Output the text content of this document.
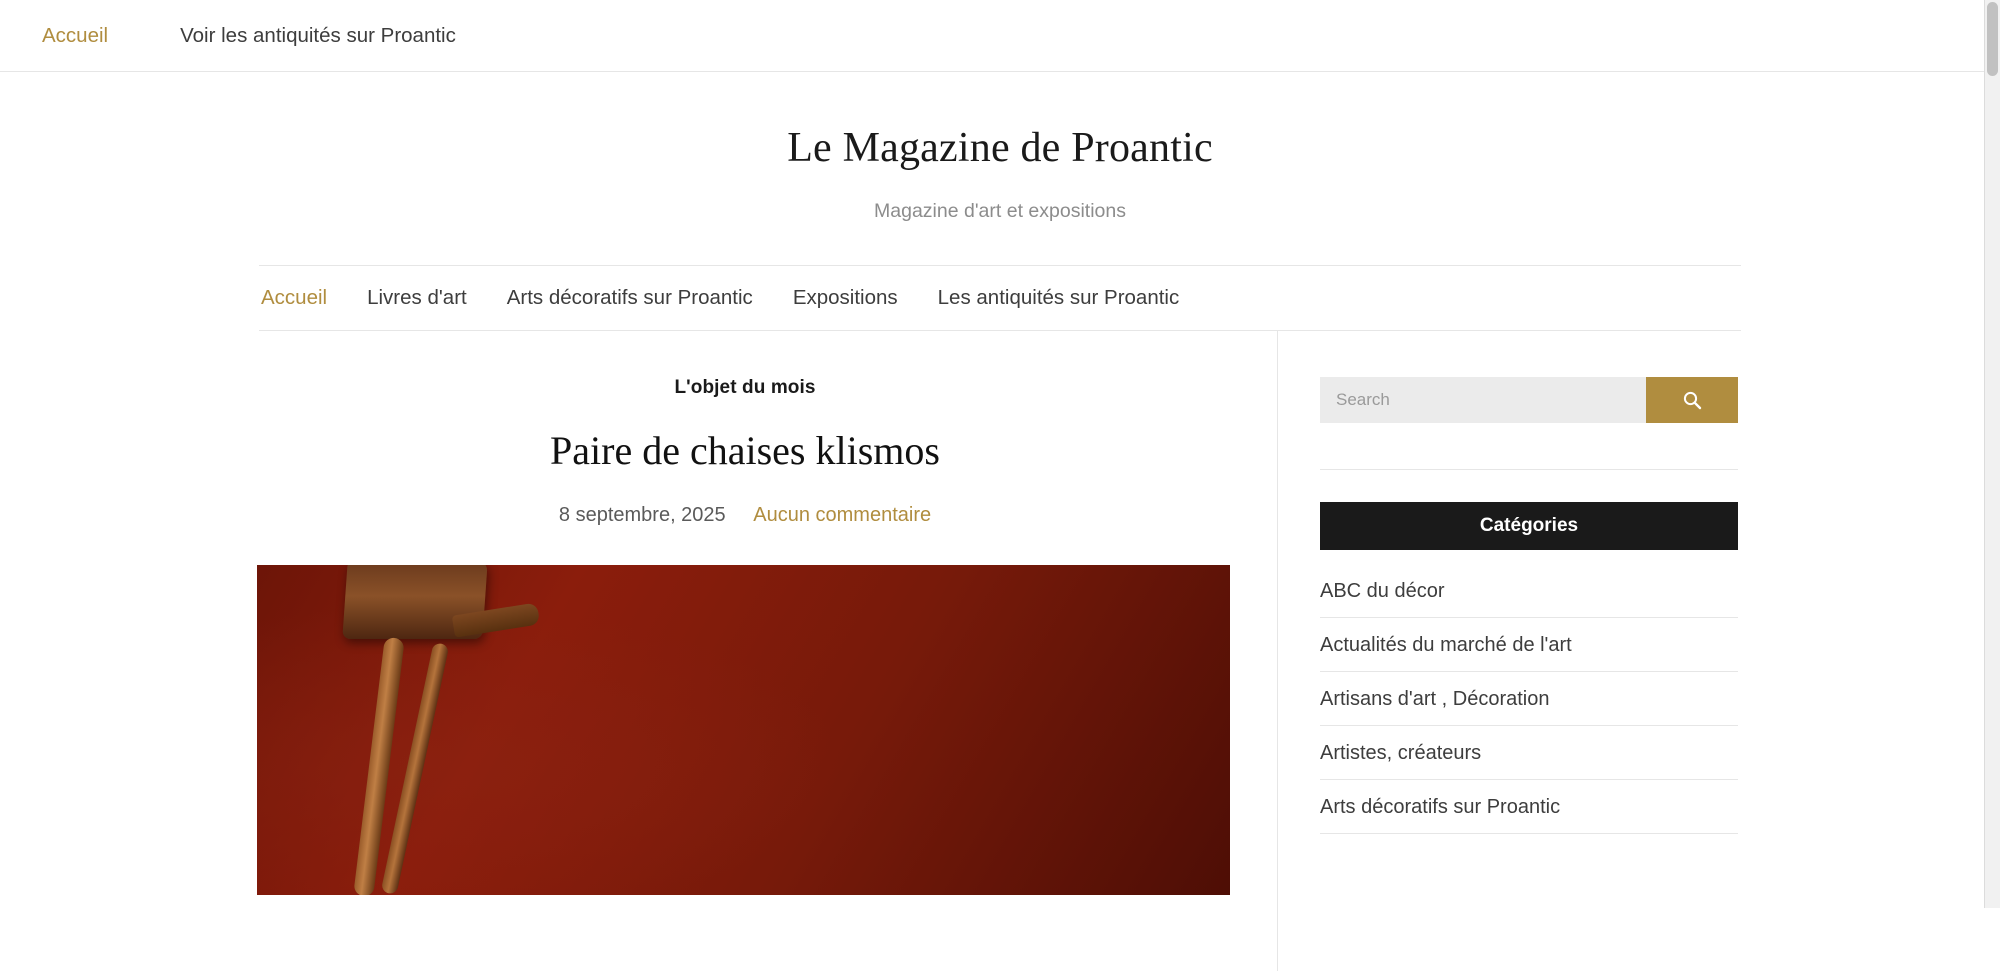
Accueil	Voir les antiquités sur Proantic
Le Magazine de Proantic

Magazine d'art et expositions

Accueil Livres d'art Arts décoratifs sur Proantic Expositions Les antiquités sur Proantic
L'objet du mois
Paire de chaises klismos
8 septembre, 2025 Aucun commentaire
Search	Catégories
ABC du décor
Actualités du marché de l'art
Artisans d'art , Décoration
Artistes, créateurs
Arts décoratifs sur Proantic
